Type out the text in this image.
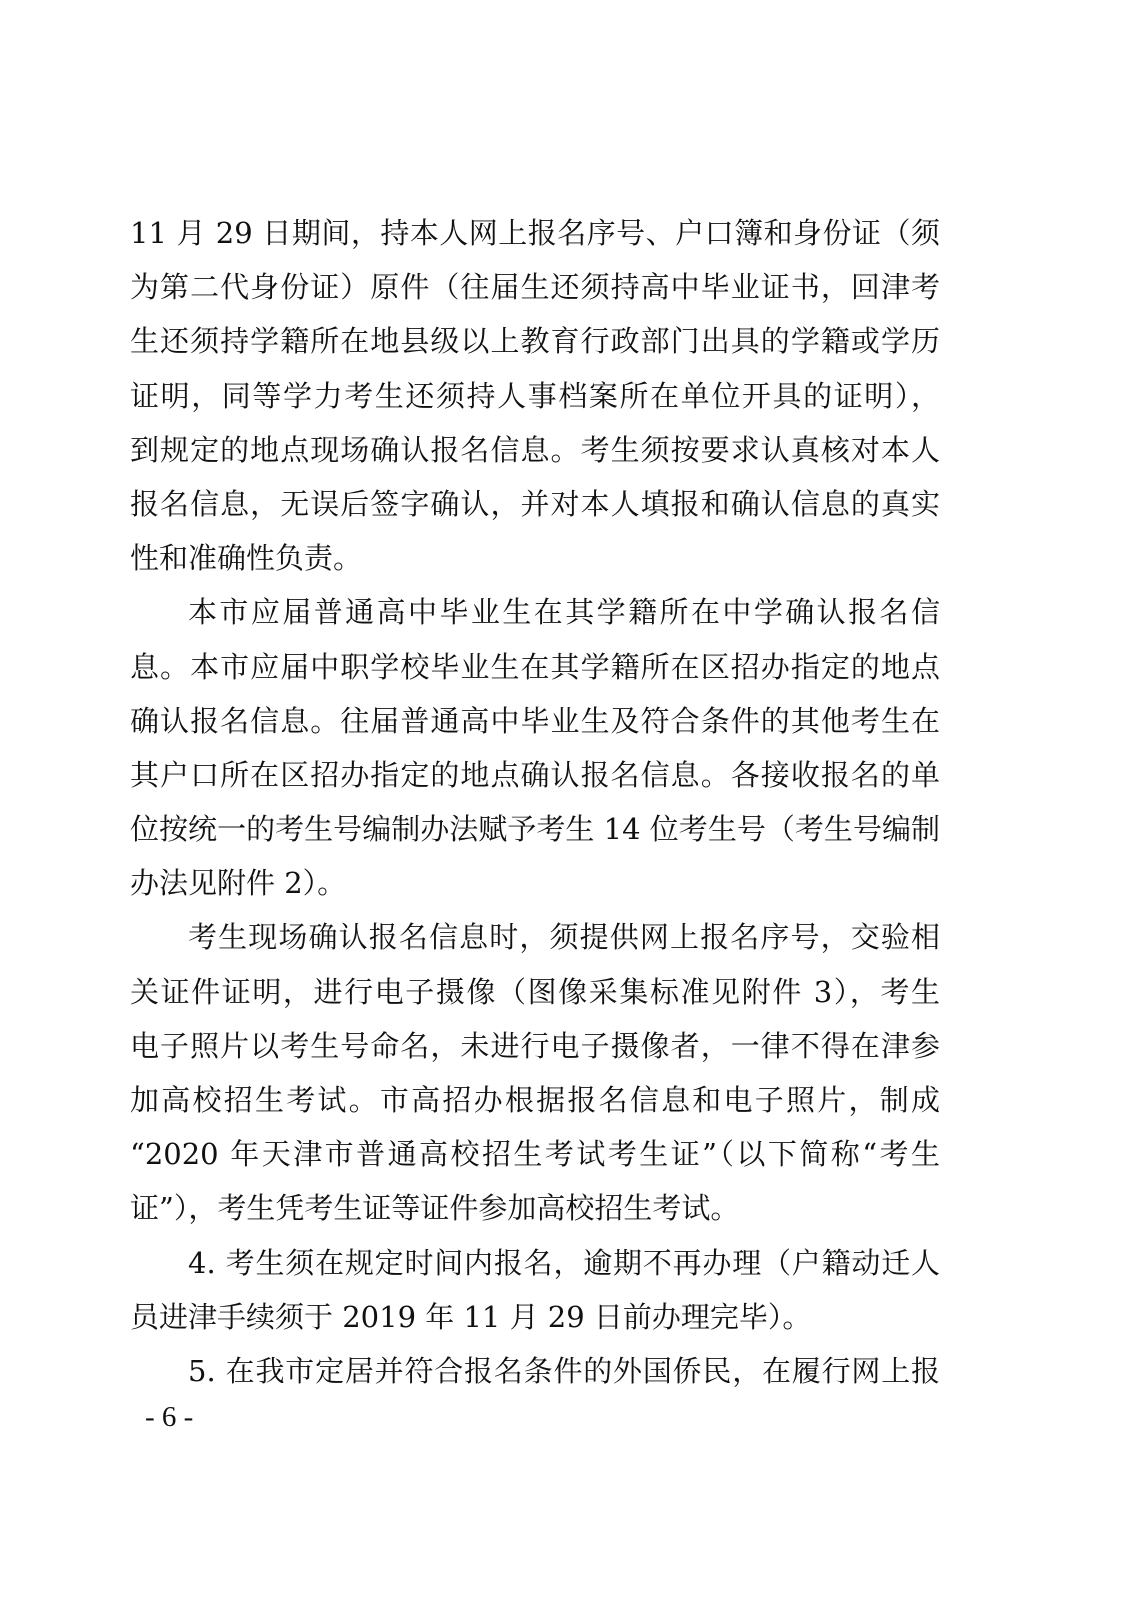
11 月 29 日期间，持本人网上报名序号、户口簿和身份证（须
为第二代身份证）原件（往届生还须持高中毕业证书，回津考
生还须持学籍所在地县级以上教育行政部门出具的学籍或学历
证明，同等学力考生还须持人事档案所在单位开具的证明），
到规定的地点现场确认报名信息。考生须按要求认真核对本人
报名信息，无误后签字确认，并对本人填报和确认信息的真实
性和准确性负责。
本市应届普通高中毕业生在其学籍所在中学确认报名信
息。本市应届中职学校毕业生在其学籍所在区招办指定的地点
确认报名信息。往届普通高中毕业生及符合条件的其他考生在
其户口所在区招办指定的地点确认报名信息。各接收报名的单
位按统一的考生号编制办法赋予考生 14 位考生号（考生号编制
办法见附件 2）。
考生现场确认报名信息时，须提供网上报名序号，交验相
关证件证明，进行电子摄像（图像采集标准见附件 3），考生
电子照片以考生号命名，未进行电子摄像者，一律不得在津参
加高校招生考试。市高招办根据报名信息和电子照片，制成
“2020 年天津市普通高校招生考试考生证”（以下简称“考生
证”），考生凭考生证等证件参加高校招生考试。
4. 考生须在规定时间内报名，逾期不再办理（户籍动迁人
员进津手续须于 2019 年 11 月 29 日前办理完毕）。
5. 在我市定居并符合报名条件的外国侨民，在履行网上报
- 6 -
